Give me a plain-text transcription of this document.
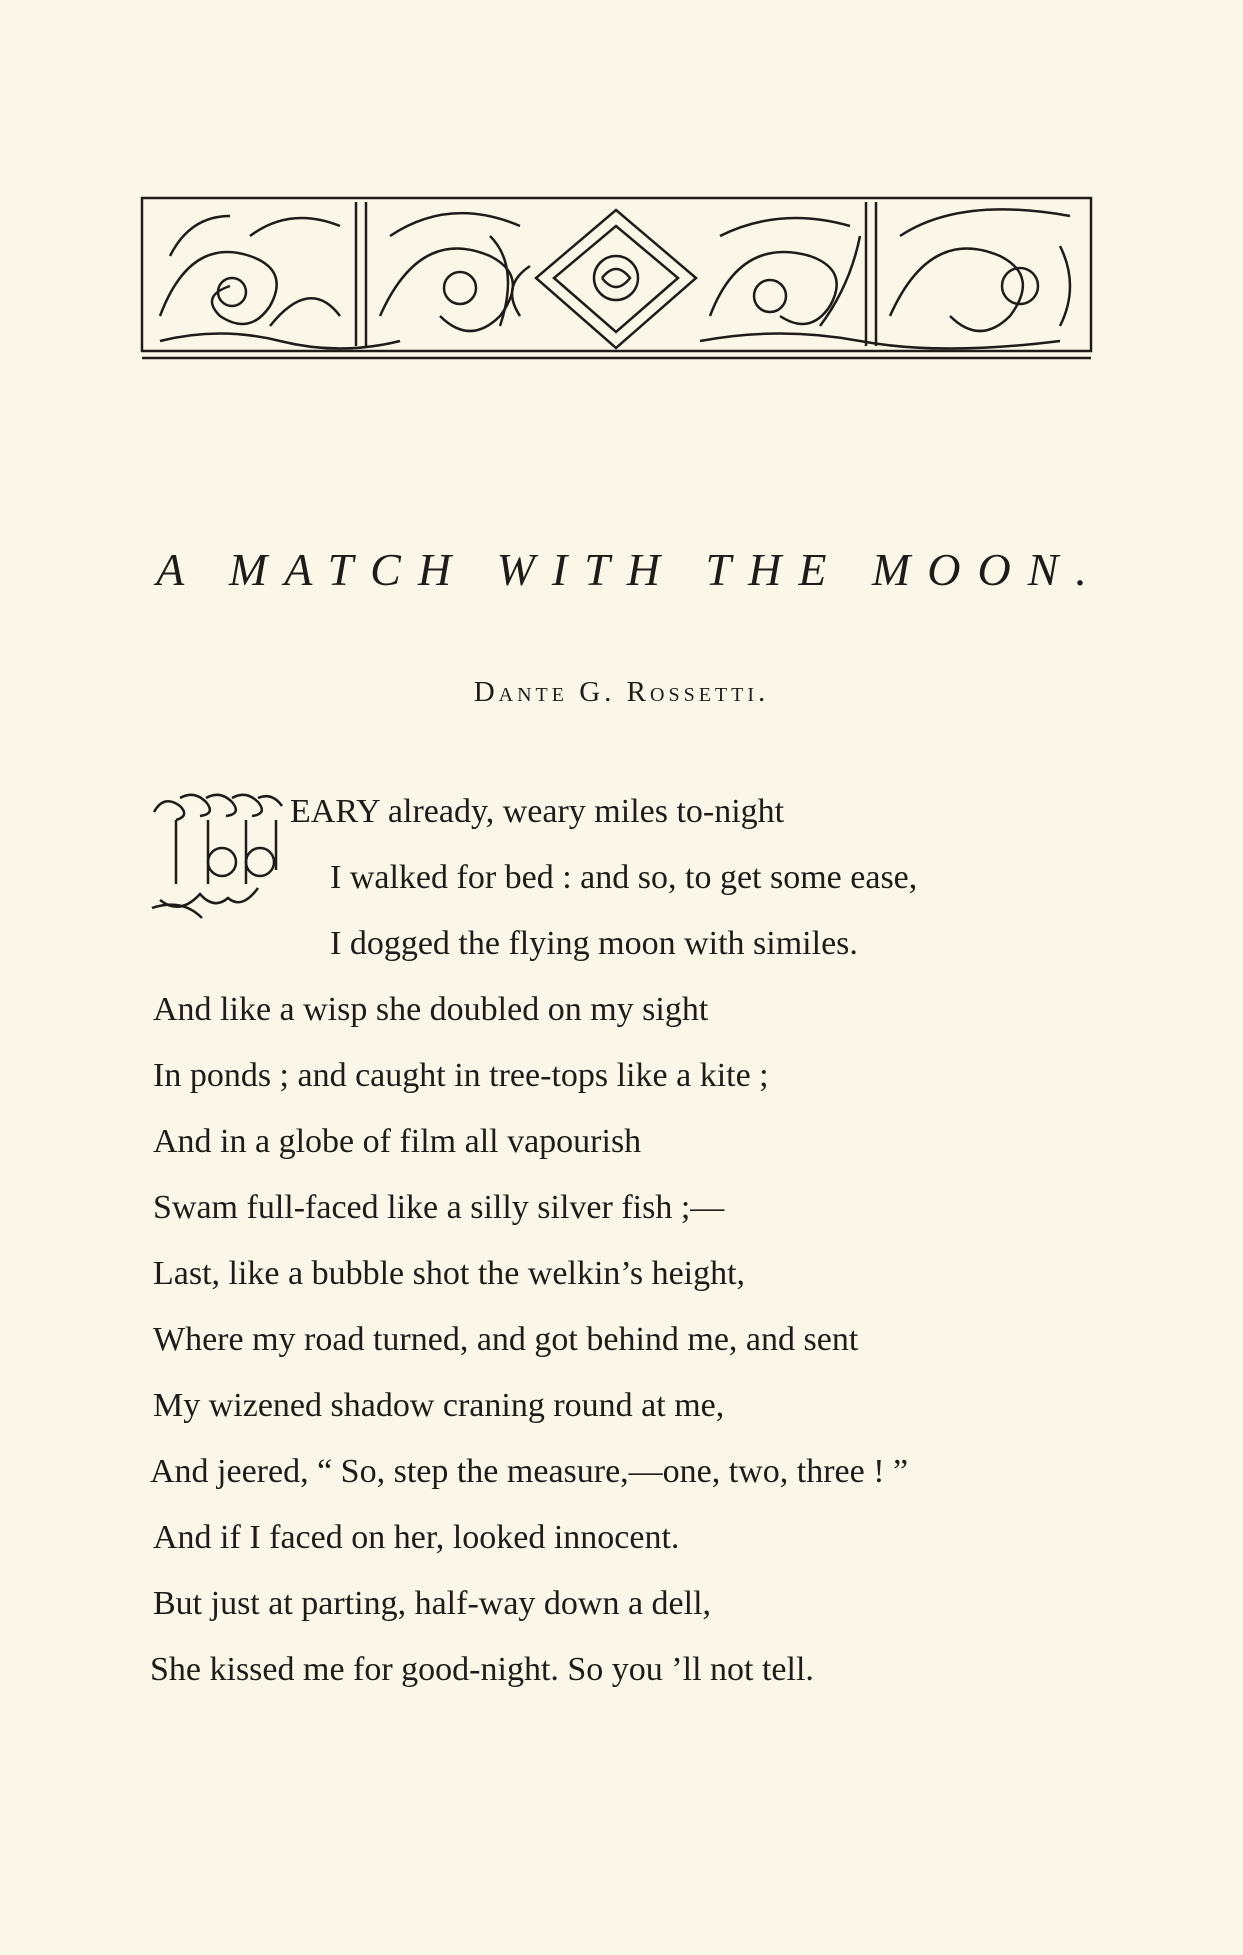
A MATCH WITH THE MOON.
Dante G. Rossetti.
EARY already, weary miles to-night
I walked for bed : and so, to get some ease,
I dogged the flying moon with similes.
And like a wisp she doubled on my sight
In ponds ; and caught in tree-tops like a kite ;
And in a globe of film all vapourish
Swam full-faced like a silly silver fish ;—
Last, like a bubble shot the welkin’s height,
Where my road turned, and got behind me, and sent
My wizened shadow craning round at me,
And jeered, “ So, step the measure,—one, two, three ! ”
And if I faced on her, looked innocent.
But just at parting, half-way down a dell,
She kissed me for good-night. So you ’ll not tell.
